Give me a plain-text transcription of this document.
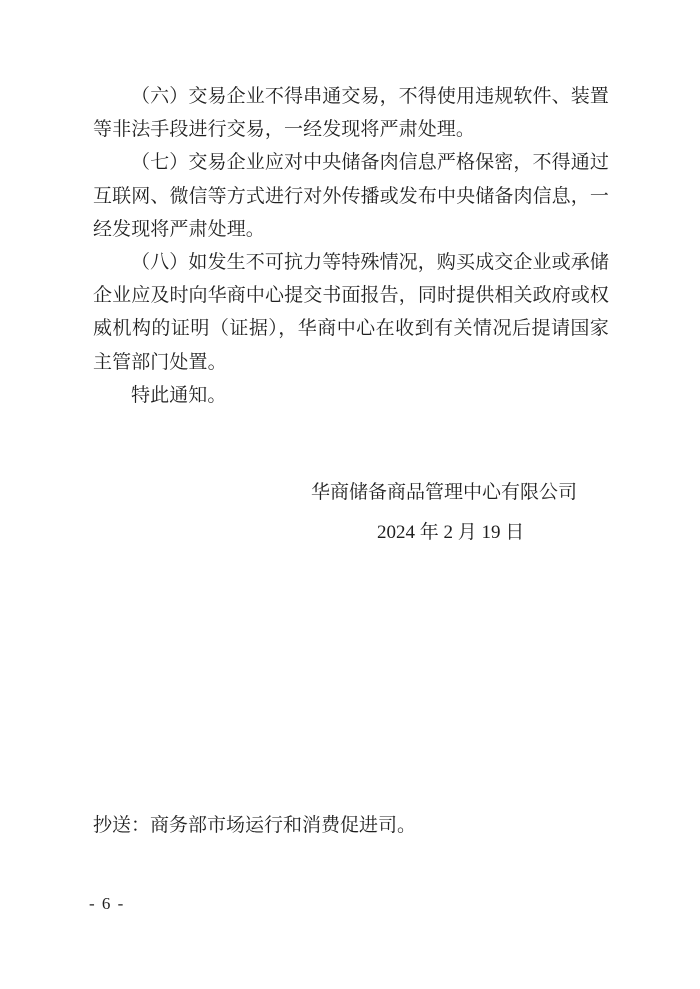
（六）交易企业不得串通交易，不得使用违规软件、装置等非法手段进行交易，一经发现将严肃处理。

（七）交易企业应对中央储备肉信息严格保密，不得通过互联网、微信等方式进行对外传播或发布中央储备肉信息，一经发现将严肃处理。

（八）如发生不可抗力等特殊情况，购买成交企业或承储企业应及时向华商中心提交书面报告，同时提供相关政府或权威机构的证明（证据），华商中心在收到有关情况后提请国家主管部门处置。

特此通知。

华商储备商品管理中心有限公司
2024 年 2 月 19 日
抄送：商务部市场运行和消费促进司。
- 6 -
